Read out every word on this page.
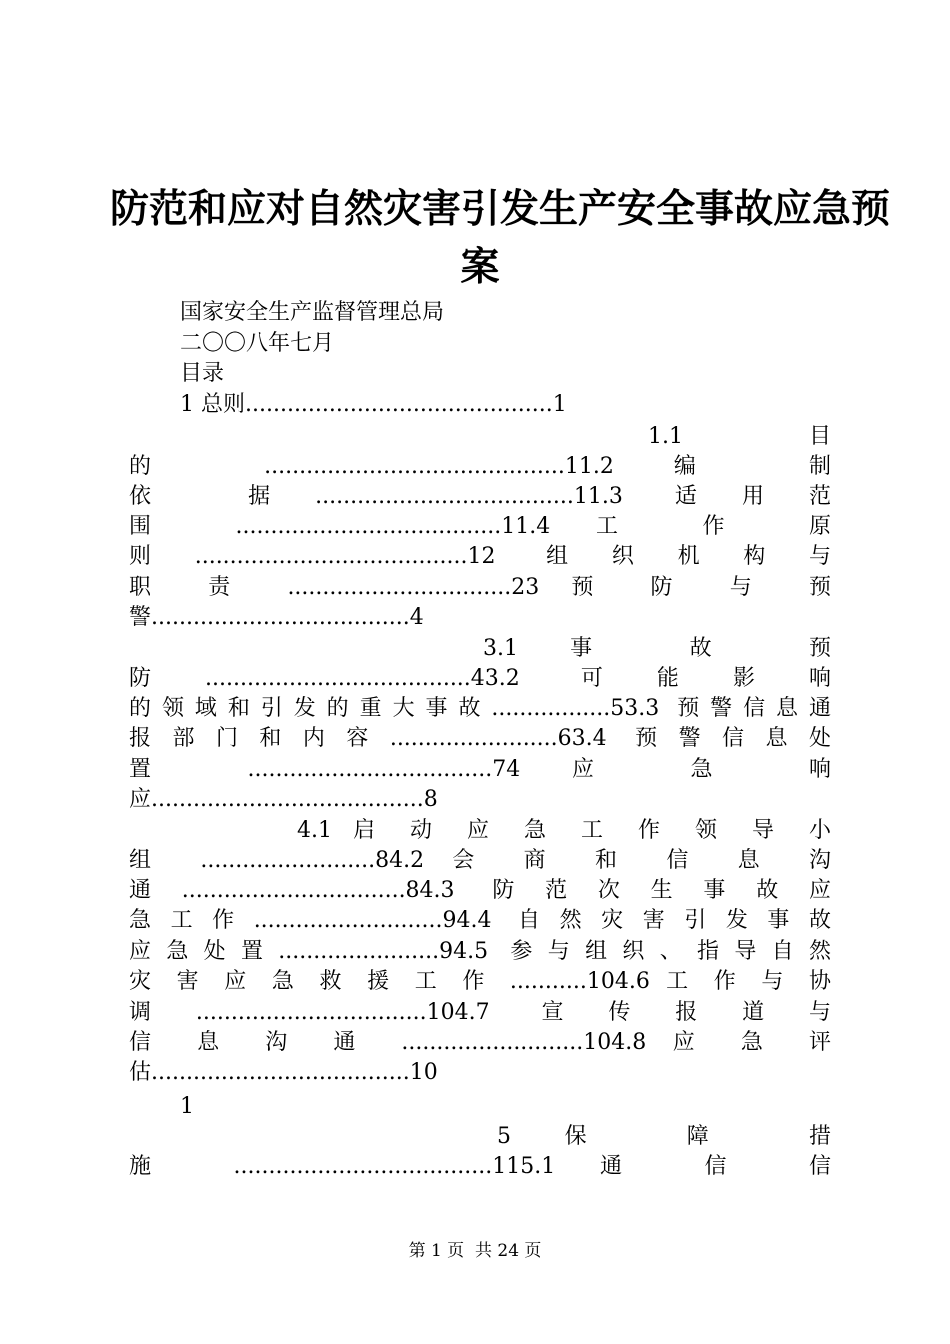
防范和应对自然灾害引发生产安全事故应急预
案
国家安全生产监督管理总局
二〇〇八年七月
目录
1 总则............................................1
1.1 目
的 ...........................................11.2 编 制
依 据.....................................11.3 适用范
围 ......................................11.4 工 作 原
则.......................................12 组织机构与
职 责 ................................23 预 防 与 预
警.....................................4
3.1 事 故 预
防......................................43.2 可能影响
的领域和引发的重大事故.................53.3 预警信息通
报部门和内容........................63.4 预警信息处
置 ...................................74 应 急 响
应.......................................8
4.1 启 动 应 急 工 作 领 导 小
组 .........................84.2 会 商 和 信 息 沟
通................................84.3 防范次生事故应
急工作...........................94.4 自然灾害引发事故
应急处置.......................94.5 参与组织、指导自然
灾 害 应 急 救 援 工 作 ...........104.6 工 作 与 协
调.................................104.7 宣传报道与
信 息 沟 通 ..........................104.8 应 急 评
估.....................................10
1
5 保 障 措
施 .....................................115.1 通 信 信
第 1 页  共 24 页
